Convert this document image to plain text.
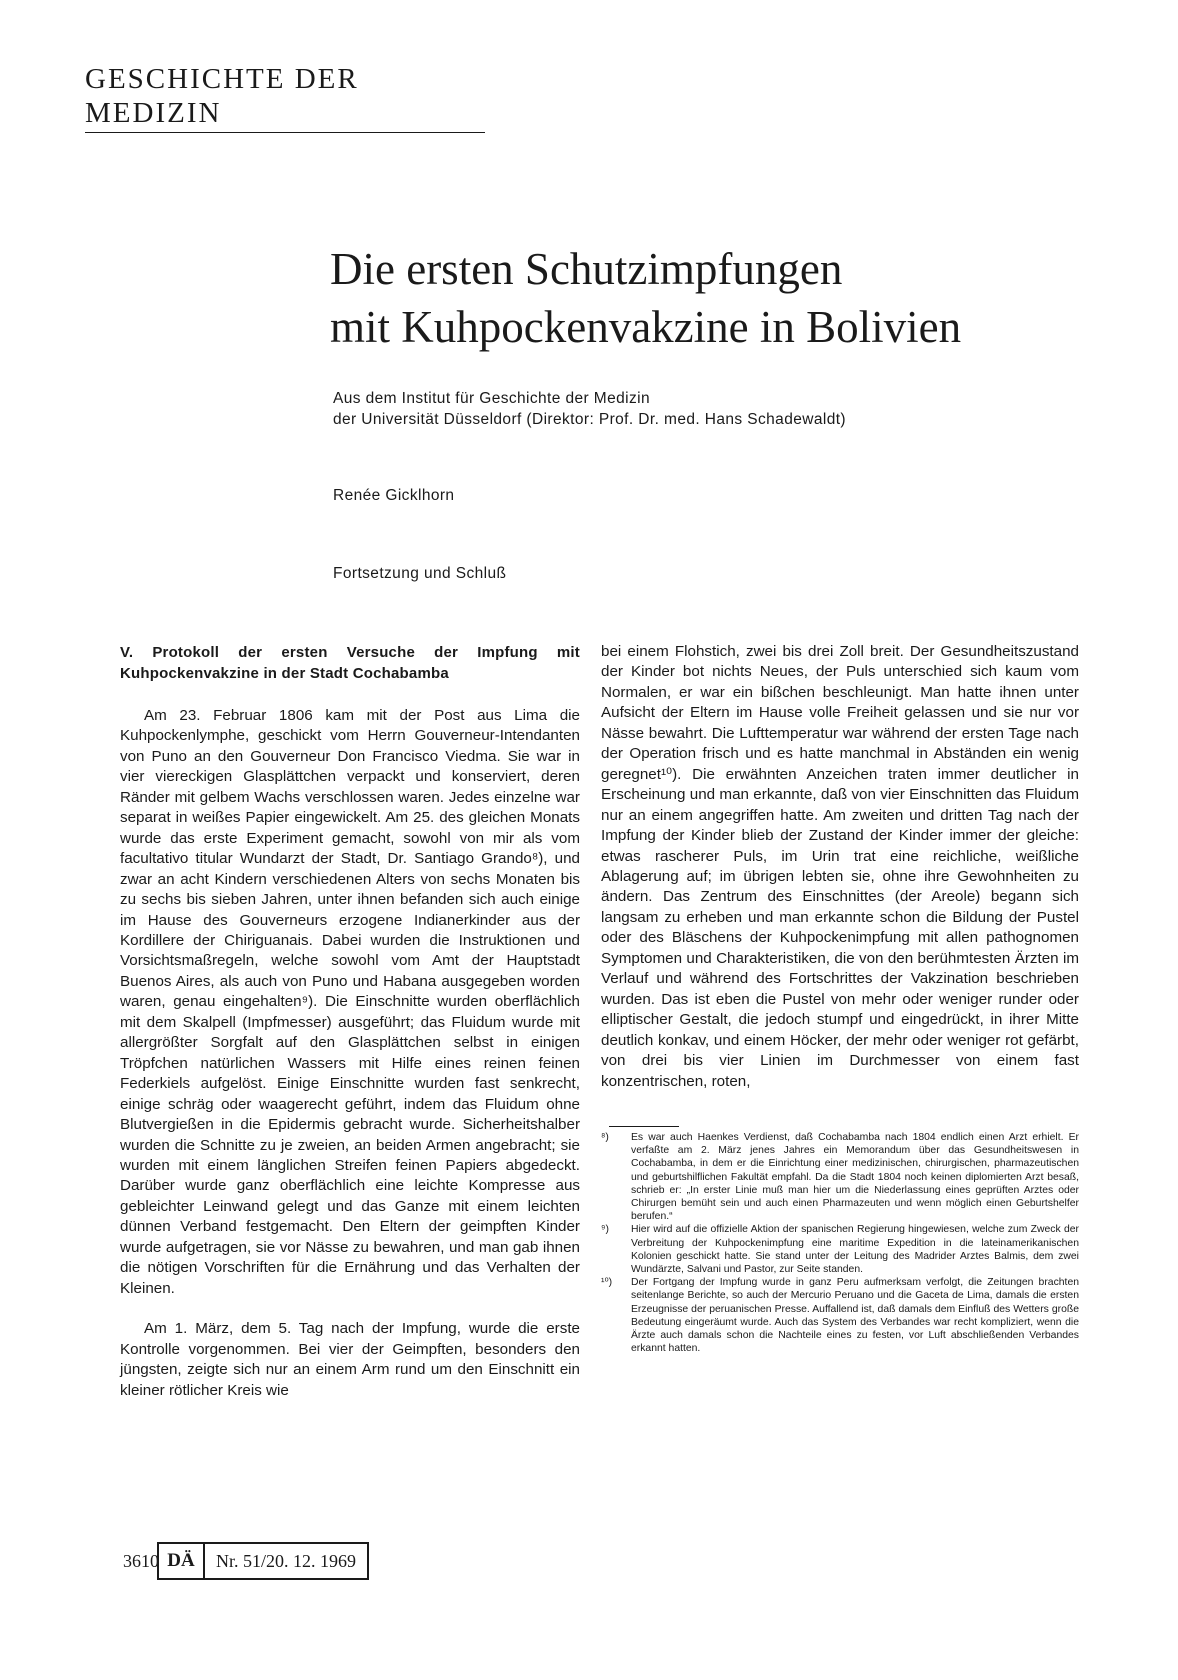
GESCHICHTE DER MEDIZIN
Die ersten Schutzimpfungen
mit Kuhpockenvakzine in Bolivien
Aus dem Institut für Geschichte der Medizin
der Universität Düsseldorf (Direktor: Prof. Dr. med. Hans Schadewaldt)
Renée Gicklhorn
Fortsetzung und Schluß

V. Protokoll der ersten Versuche der Impfung mit Kuhpockenvakzine in der Stadt Cochabamba

Am 23. Februar 1806 kam mit der Post aus Lima die Kuhpockenlymphe, geschickt vom Herrn Gouverneur-Intendanten von Puno an den Gouverneur Don Francisco Viedma. Sie war in vier viereckigen Glasplättchen verpackt und konserviert, deren Ränder mit gelbem Wachs verschlossen waren. Jedes einzelne war separat in weißes Papier eingewickelt. Am 25. des gleichen Monats wurde das erste Experiment gemacht, sowohl von mir als vom facultativo titular Wundarzt der Stadt, Dr. Santiago Grando⁸), und zwar an acht Kindern verschiedenen Alters von sechs Monaten bis zu sechs bis sieben Jahren, unter ihnen befanden sich auch einige im Hause des Gouverneurs erzogene Indianerkinder aus der Kordillere der Chiriguanais. Dabei wurden die Instruktionen und Vorsichtsmaßregeln, welche sowohl vom Amt der Hauptstadt Buenos Aires, als auch von Puno und Habana ausgegeben worden waren, genau eingehalten⁹). Die Einschnitte wurden oberflächlich mit dem Skalpell (Impfmesser) ausgeführt; das Fluidum wurde mit allergrößter Sorgfalt auf den Glasplättchen selbst in einigen Tröpfchen natürlichen Wassers mit Hilfe eines reinen feinen Federkiels aufgelöst. Einige Einschnitte wurden fast senkrecht, einige schräg oder waagerecht geführt, indem das Fluidum ohne Blutvergießen in die Epidermis gebracht wurde. Sicherheitshalber wurden die Schnitte zu je zweien, an beiden Armen angebracht; sie wurden mit einem länglichen Streifen feinen Papiers abgedeckt. Darüber wurde ganz oberflächlich eine leichte Kompresse aus gebleichter Leinwand gelegt und das Ganze mit einem leichten dünnen Verband festgemacht. Den Eltern der geimpften Kinder wurde aufgetragen, sie vor Nässe zu bewahren, und man gab ihnen die nötigen Vorschriften für die Ernährung und das Verhalten der Kleinen.

Am 1. März, dem 5. Tag nach der Impfung, wurde die erste Kontrolle vorgenommen. Bei vier der Geimpften, besonders den jüngsten, zeigte sich nur an einem Arm rund um den Einschnitt ein kleiner rötlicher Kreis wie

bei einem Flohstich, zwei bis drei Zoll breit. Der Gesundheitszustand der Kinder bot nichts Neues, der Puls unterschied sich kaum vom Normalen, er war ein bißchen beschleunigt. Man hatte ihnen unter Aufsicht der Eltern im Hause volle Freiheit gelassen und sie nur vor Nässe bewahrt. Die Lufttemperatur war während der ersten Tage nach der Operation frisch und es hatte manchmal in Abständen ein wenig geregnet¹⁰). Die erwähnten Anzeichen traten immer deutlicher in Erscheinung und man erkannte, daß von vier Einschnitten das Fluidum nur an einem angegriffen hatte. Am zweiten und dritten Tag nach der Impfung der Kinder blieb der Zustand der Kinder immer der gleiche: etwas rascherer Puls, im Urin trat eine reichliche, weißliche Ablagerung auf; im übrigen lebten sie, ohne ihre Gewohnheiten zu ändern. Das Zentrum des Einschnittes (der Areole) begann sich langsam zu erheben und man erkannte schon die Bildung der Pustel oder des Bläschens der Kuhpockenimpfung mit allen pathognomen Symptomen und Charakteristiken, die von den berühmtesten Ärzten im Verlauf und während des Fortschrittes der Vakzination beschrieben wurden. Das ist eben die Pustel von mehr oder weniger runder oder elliptischer Gestalt, die jedoch stumpf und eingedrückt, in ihrer Mitte deutlich konkav, und einem Höcker, der mehr oder weniger rot gefärbt, von drei bis vier Linien im Durchmesser von einem fast konzentrischen, roten,

⁸) Es war auch Haenkes Verdienst, daß Cochabamba nach 1804 endlich einen Arzt erhielt. Er verfaßte am 2. März jenes Jahres ein Memorandum über das Gesundheitswesen in Cochabamba, in dem er die Einrichtung einer medizinischen, chirurgischen, pharmazeutischen und geburtshilflichen Fakultät empfahl. Da die Stadt 1804 noch keinen diplomierten Arzt besaß, schrieb er: „In erster Linie muß man hier um die Niederlassung eines geprüften Arztes oder Chirurgen bemüht sein und auch einen Pharmazeuten und wenn möglich einen Geburtshelfer berufen.“

⁹) Hier wird auf die offizielle Aktion der spanischen Regierung hingewiesen, welche zum Zweck der Verbreitung der Kuhpockenimpfung eine maritime Expedition in die lateinamerikanischen Kolonien geschickt hatte. Sie stand unter der Leitung des Madrider Arztes Balmis, dem zwei Wundärzte, Salvani und Pastor, zur Seite standen.

¹⁰) Der Fortgang der Impfung wurde in ganz Peru aufmerksam verfolgt, die Zeitungen brachten seitenlange Berichte, so auch der Mercurio Peruano und die Gaceta de Lima, damals die ersten Erzeugnisse der peruanischen Presse. Auffallend ist, daß damals dem Einfluß des Wetters große Bedeutung eingeräumt wurde. Auch das System des Verbandes war recht kompliziert, wenn die Ärzte auch damals schon die Nachteile eines zu festen, vor Luft abschließenden Verbandes erkannt hatten.

3610 DÄ	Nr. 51/20. 12. 1969
